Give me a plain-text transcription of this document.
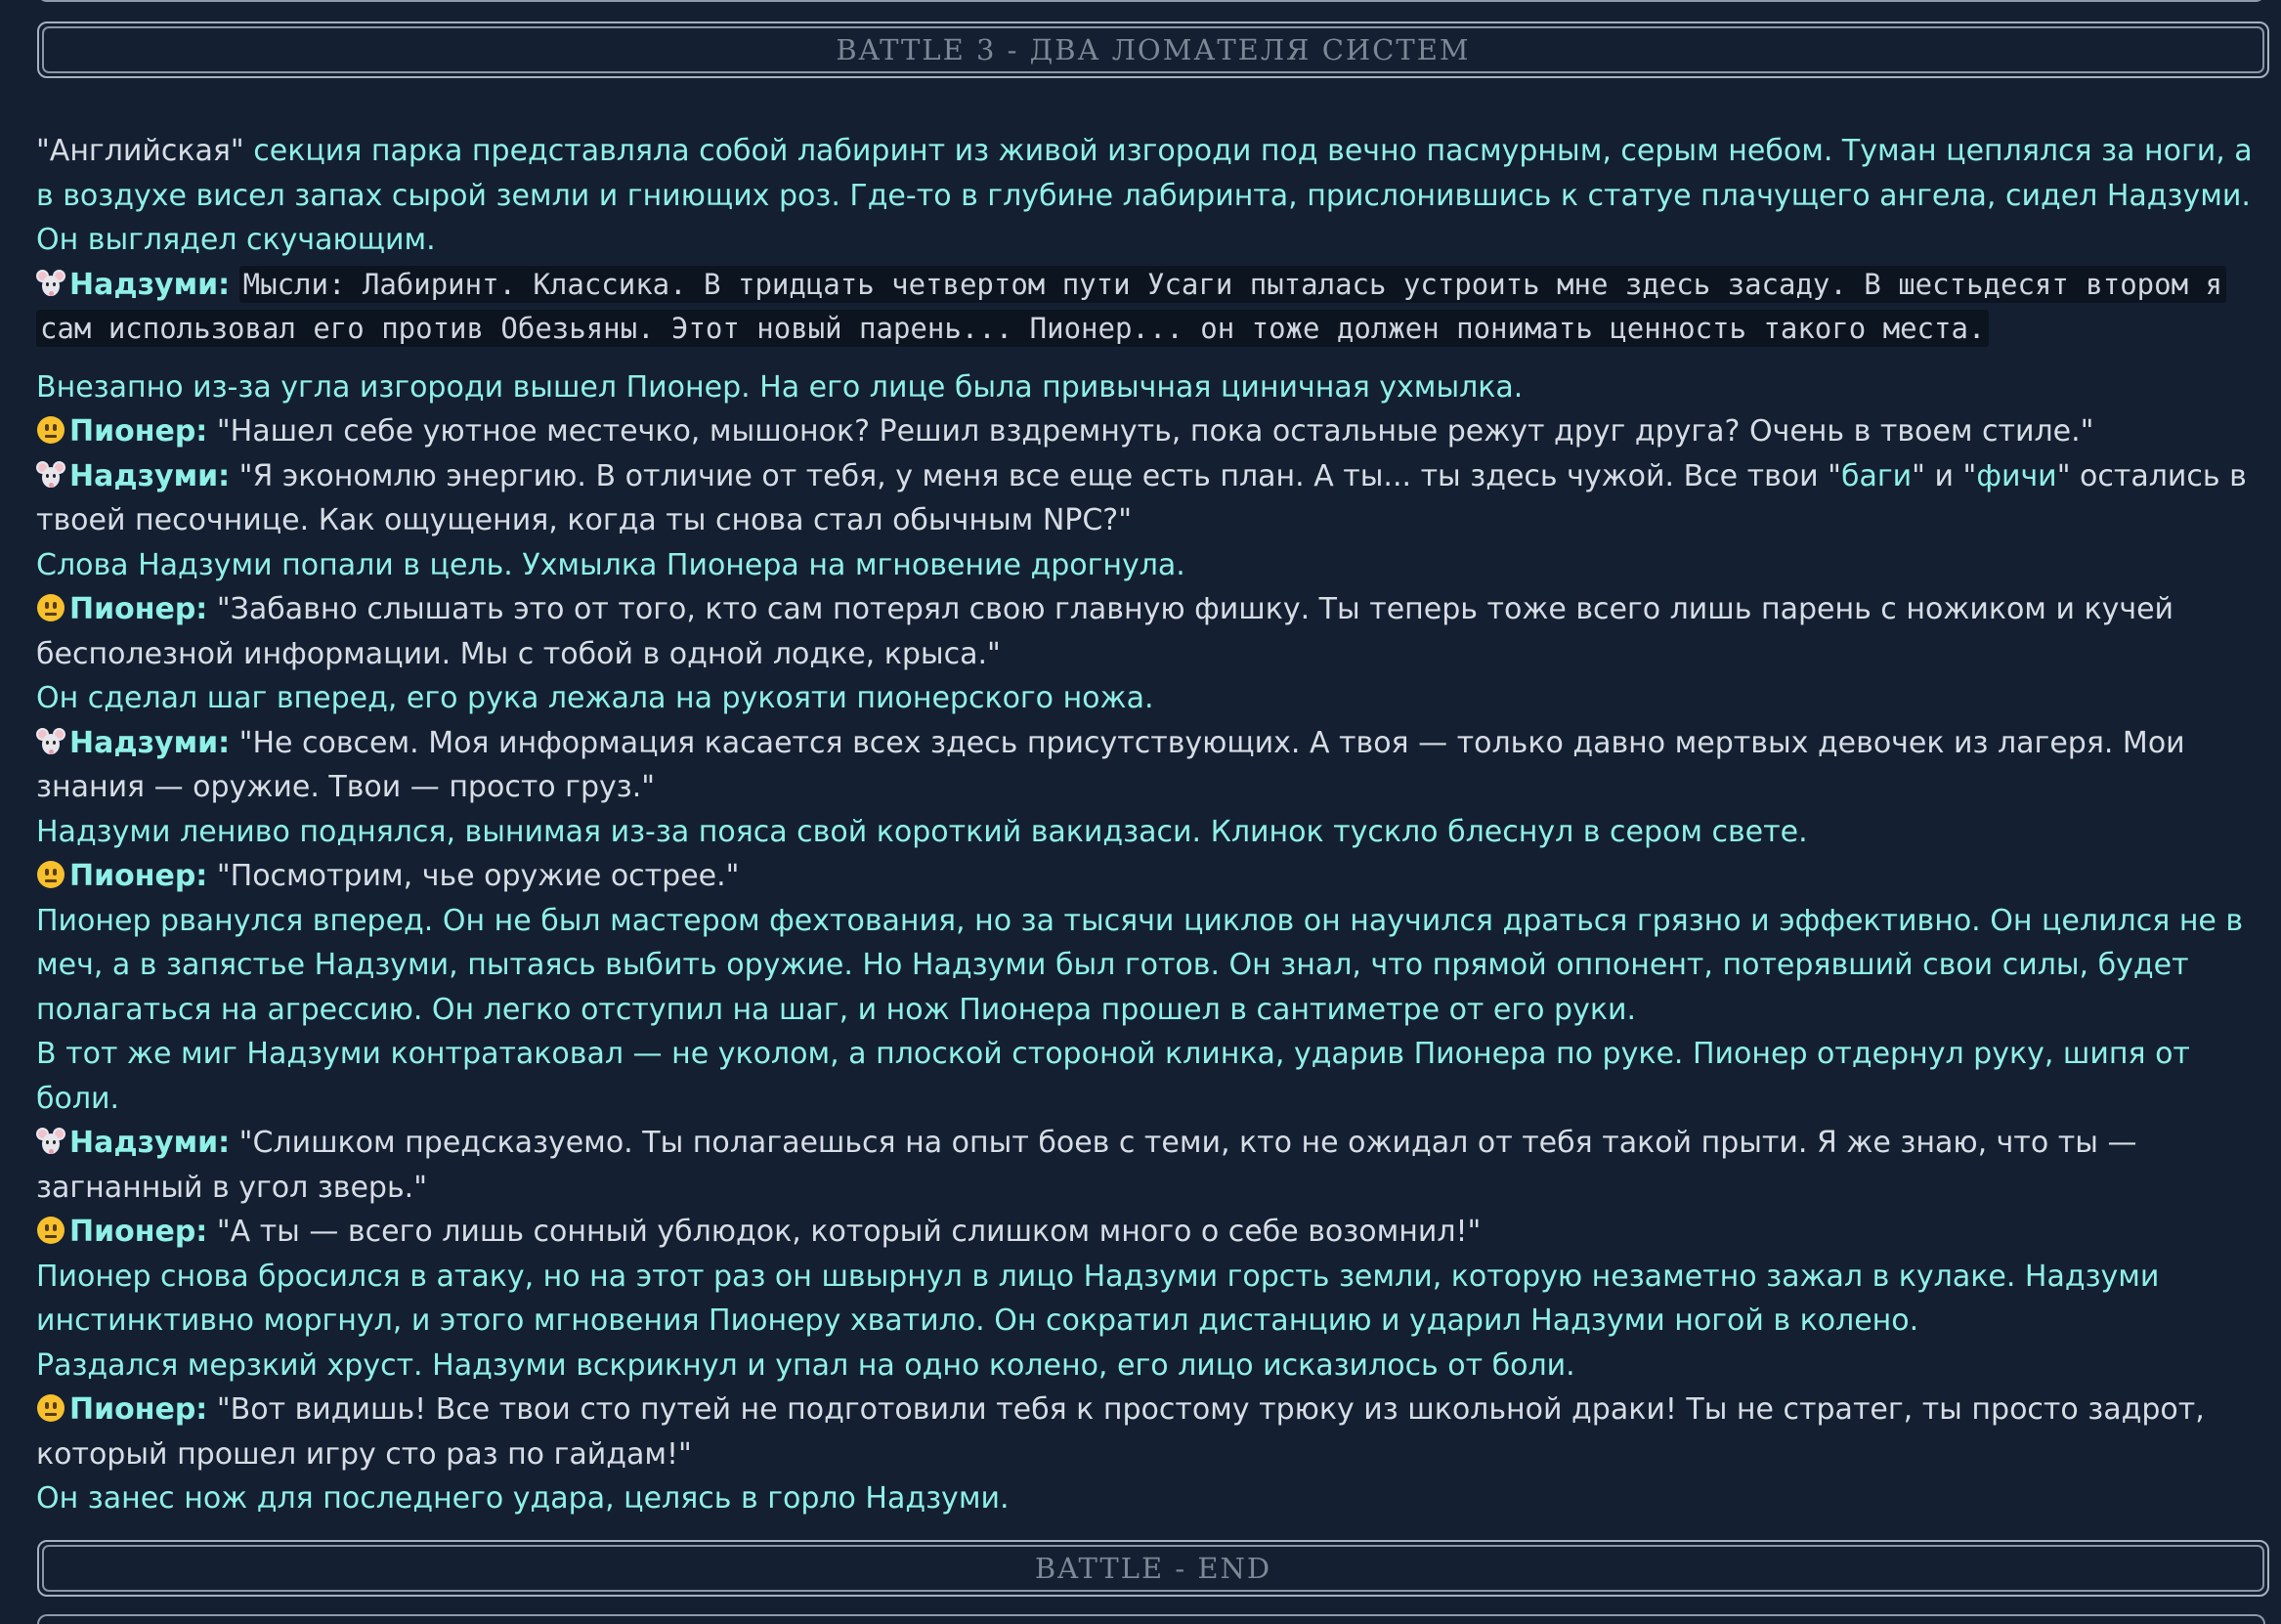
BATTLE 3 - ДВА ЛОМАТЕЛЯ СИСТЕМ

"Английская" секция парка представляла собой лабиринт из живой изгороди под вечно пасмурным, серым небом. Туман цеплялся за ноги, а в воздухе висел запах сырой земли и гниющих роз. Где-то в глубине лабиринта, прислонившись к статуе плачущего ангела, сидел Надзуми. Он выглядел скучающим.

Надзуми: Мысли: Лабиринт. Классика. В тридцать четвертом пути Усаги пыталась устроить мне здесь засаду. В шестьдесят втором я сам использовал его против Обезьяны. Этот новый парень... Пионер... он тоже должен понимать ценность такого места.

Внезапно из-за угла изгороди вышел Пионер. На его лице была привычная циничная ухмылка.

Пионер: "Нашел себе уютное местечко, мышонок? Решил вздремнуть, пока остальные режут друг друга? Очень в твоем стиле."

Надзуми: "Я экономлю энергию. В отличие от тебя, у меня все еще есть план. А ты... ты здесь чужой. Все твои "баги" и "фичи" остались в твоей песочнице. Как ощущения, когда ты снова стал обычным NPC?"

Слова Надзуми попали в цель. Ухмылка Пионера на мгновение дрогнула.

Пионер: "Забавно слышать это от того, кто сам потерял свою главную фишку. Ты теперь тоже всего лишь парень с ножиком и кучей бесполезной информации. Мы с тобой в одной лодке, крыса."

Он сделал шаг вперед, его рука лежала на рукояти пионерского ножа.

Надзуми: "Не совсем. Моя информация касается всех здесь присутствующих. А твоя — только давно мертвых девочек из лагеря. Мои знания — оружие. Твои — просто груз."

Надзуми лениво поднялся, вынимая из-за пояса свой короткий вакидзаси. Клинок тускло блеснул в сером свете.

Пионер: "Посмотрим, чье оружие острее."

Пионер рванулся вперед. Он не был мастером фехтования, но за тысячи циклов он научился драться грязно и эффективно. Он целился не в меч, а в запястье Надзуми, пытаясь выбить оружие. Но Надзуми был готов. Он знал, что прямой оппонент, потерявший свои силы, будет полагаться на агрессию. Он легко отступил на шаг, и нож Пионера прошел в сантиметре от его руки.

В тот же миг Надзуми контратаковал — не уколом, а плоской стороной клинка, ударив Пионера по руке. Пионер отдернул руку, шипя от боли.

Надзуми: "Слишком предсказуемо. Ты полагаешься на опыт боев с теми, кто не ожидал от тебя такой прыти. Я же знаю, что ты — загнанный в угол зверь."

Пионер: "А ты — всего лишь сонный ублюдок, который слишком много о себе возомнил!"

Пионер снова бросился в атаку, но на этот раз он швырнул в лицо Надзуми горсть земли, которую незаметно зажал в кулаке. Надзуми инстинктивно моргнул, и этого мгновения Пионеру хватило. Он сократил дистанцию и ударил Надзуми ногой в колено.

Раздался мерзкий хруст. Надзуми вскрикнул и упал на одно колено, его лицо исказилось от боли.

Пионер: "Вот видишь! Все твои сто путей не подготовили тебя к простому трюку из школьной драки! Ты не стратег, ты просто задрот, который прошел игру сто раз по гайдам!"

Он занес нож для последнего удара, целясь в горло Надзуми.

BATTLE - END
